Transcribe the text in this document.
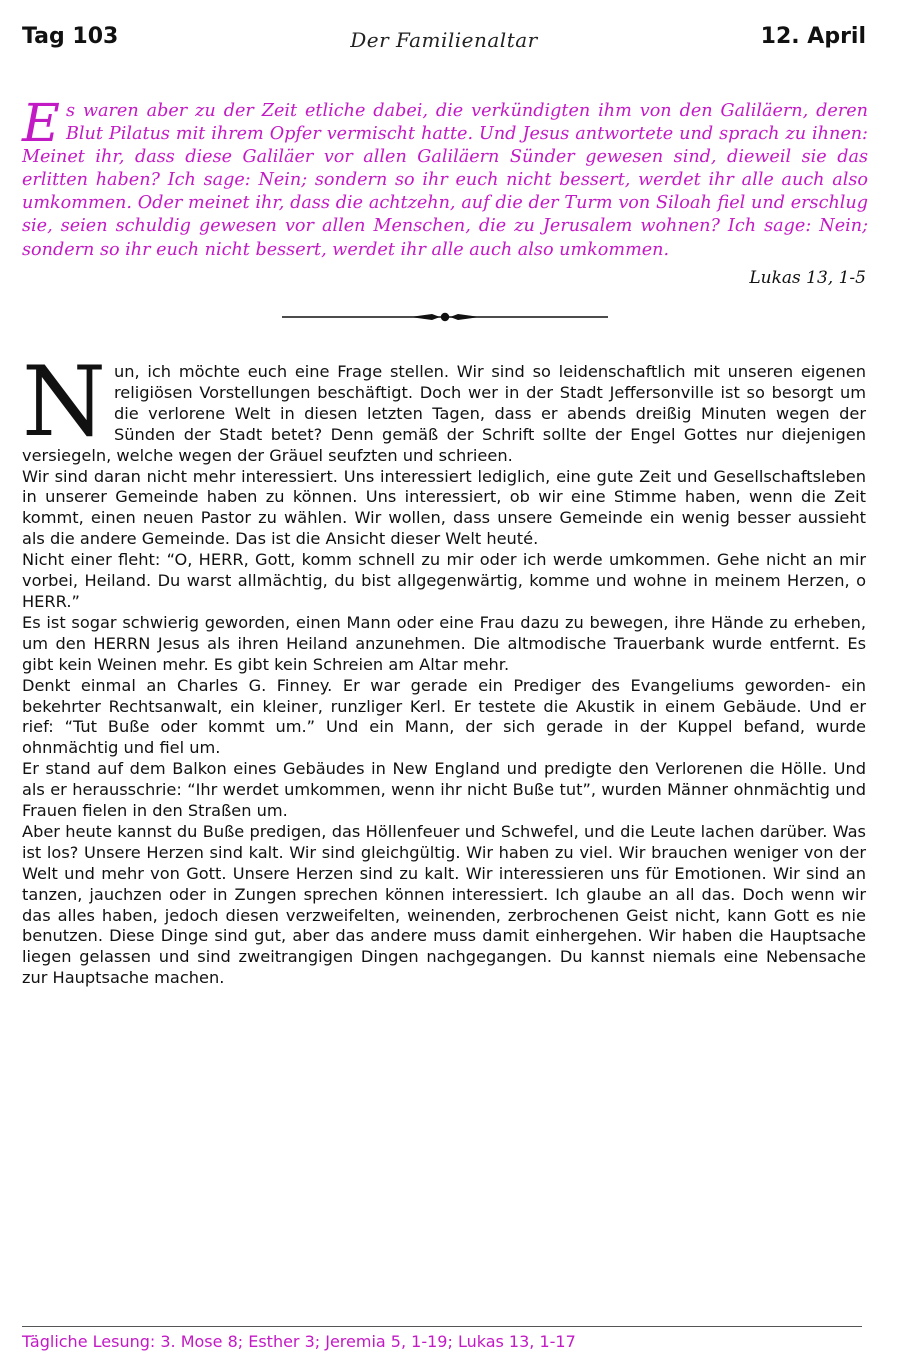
Tag 103	Der Familienaltar	12. April
Es waren aber zu der Zeit etliche dabei, die verkündigten ihm von den Galiläern, deren Blut Pilatus mit ihrem Opfer vermischt hatte. Und Jesus antwortete und sprach zu ihnen: Meinet ihr, dass diese Galiläer vor allen Galiläern Sünder gewesen sind, dieweil sie das erlitten haben? Ich sage: Nein; sondern so ihr euch nicht bessert, werdet ihr alle auch also umkommen. Oder meinet ihr, dass die achtzehn, auf die der Turm von Siloah fiel und erschlug sie, seien schuldig gewesen vor allen Menschen, die zu Jerusalem wohnen? Ich sage: Nein; sondern so ihr euch nicht bessert, werdet ihr alle auch also umkommen.
Lukas 13, 1-5

Nun, ich möchte euch eine Frage stellen. Wir sind so leidenschaftlich mit unseren eigenen religiösen Vorstellungen beschäftigt. Doch wer in der Stadt Jeffersonville ist so besorgt um die verlorene Welt in diesen letzten Tagen, dass er abends dreißig Minuten wegen der Sünden der Stadt betet? Denn gemäß der Schrift sollte der Engel Gottes nur diejenigen versiegeln, welche wegen der Gräuel seufzten und schrieen.

Wir sind daran nicht mehr interessiert. Uns interessiert lediglich, eine gute Zeit und Gesellschaftsleben in unserer Gemeinde haben zu können. Uns interessiert, ob wir eine Stimme haben, wenn die Zeit kommt, einen neuen Pastor zu wählen. Wir wollen, dass unsere Gemeinde ein wenig besser aussieht als die andere Gemeinde. Das ist die Ansicht dieser Welt heuté.

Nicht einer fleht: “O, HERR, Gott, komm schnell zu mir oder ich werde umkommen. Gehe nicht an mir vorbei, Heiland. Du warst allmächtig, du bist allgegenwärtig, komme und wohne in meinem Herzen, o HERR.”

Es ist sogar schwierig geworden, einen Mann oder eine Frau dazu zu bewegen, ihre Hände zu erheben, um den HERRN Jesus als ihren Heiland anzunehmen. Die altmodische Trauerbank wurde entfernt. Es gibt kein Weinen mehr. Es gibt kein Schreien am Altar mehr.

Denkt einmal an Charles G. Finney. Er war gerade ein Prediger des Evangeliums geworden- ein bekehrter Rechtsanwalt, ein kleiner, runzliger Kerl. Er testete die Akustik in einem Gebäude. Und er rief: “Tut Buße oder kommt um.” Und ein Mann, der sich gerade in der Kuppel befand, wurde ohnmächtig und fiel um.

Er stand auf dem Balkon eines Gebäudes in New England und predigte den Verlorenen die Hölle. Und als er herausschrie: “Ihr werdet umkommen, wenn ihr nicht Buße tut”, wurden Männer ohnmächtig und Frauen fielen in den Straßen um.

Aber heute kannst du Buße predigen, das Höllenfeuer und Schwefel, und die Leute lachen darüber. Was ist los? Unsere Herzen sind kalt. Wir sind gleichgültig. Wir haben zu viel. Wir brauchen weniger von der Welt und mehr von Gott. Unsere Herzen sind zu kalt. Wir interessieren uns für Emotionen. Wir sind an tanzen, jauchzen oder in Zungen sprechen können interessiert. Ich glaube an all das. Doch wenn wir das alles haben, jedoch diesen verzweifelten, weinenden, zerbrochenen Geist nicht, kann Gott es nie benutzen. Diese Dinge sind gut, aber das andere muss damit einhergehen. Wir haben die Hauptsache liegen gelassen und sind zweitrangigen Dingen nachgegangen. Du kannst niemals eine Nebensache zur Hauptsache machen.

Tägliche Lesung: 3. Mose 8; Esther 3; Jeremia 5, 1-19; Lukas 13, 1-17
